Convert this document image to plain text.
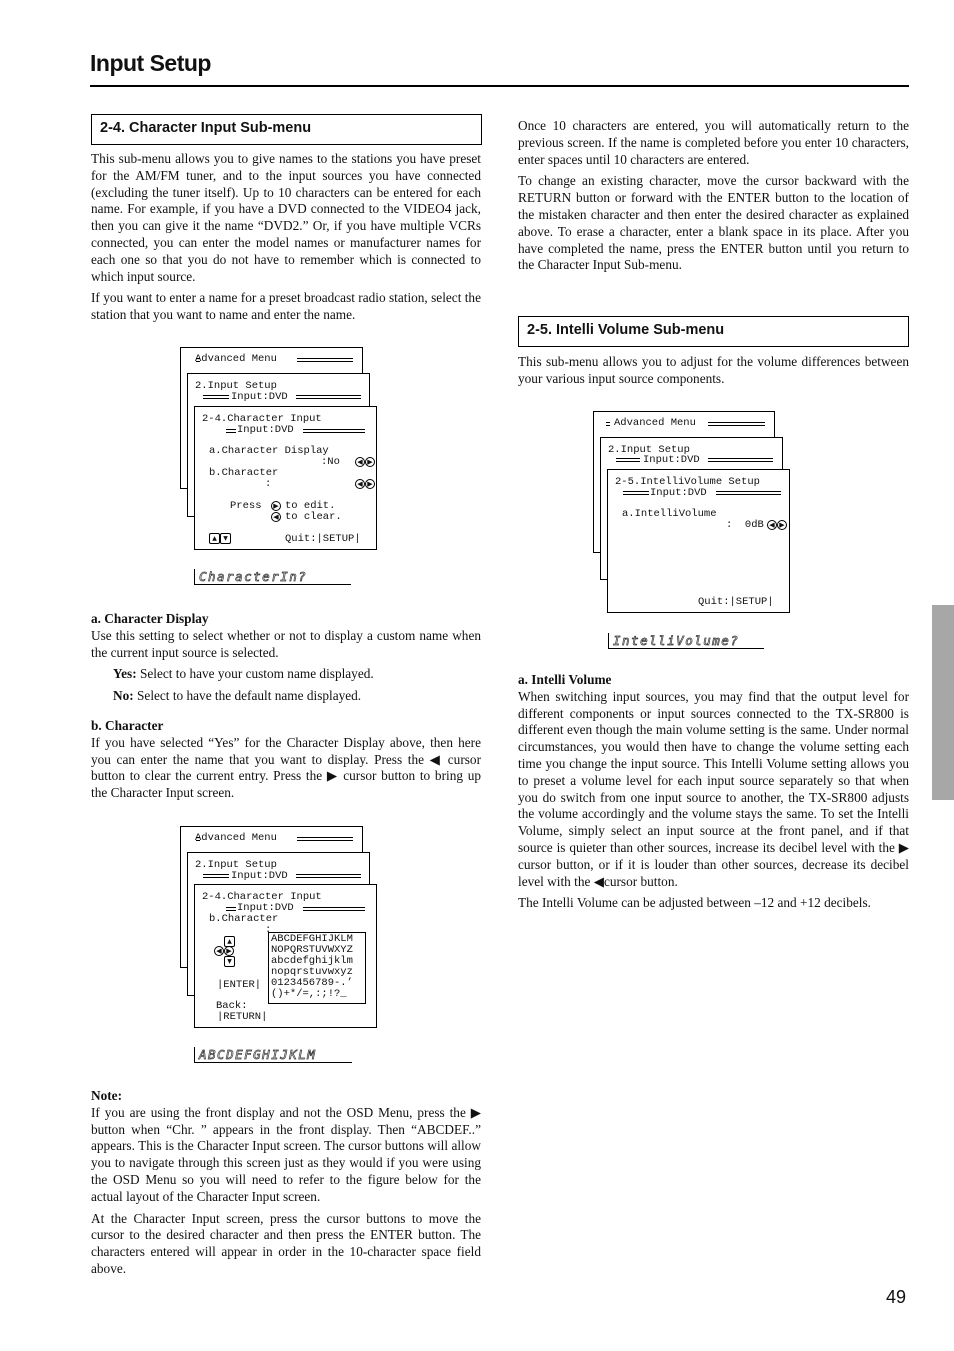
Input Setup
2-4. Character Input Sub-menu

This sub-menu allows you to give names to the stations you have preset for the AM/FM tuner, and to the input sources you have connected (excluding the tuner itself). Up to 10 characters can be entered for each name. For example, if you have a DVD connected to the VIDEO4 jack, then you can give it the name “DVD2.” Or, if you have multiple VCRs connected, you can enter the model names or manufacturer names for each one so that you do not have to remember which is connected to which input source.

If you want to enter a name for a preset broadcast radio station, select the station that you want to name and enter the name.

Advanced Menu
2.Input Setup
Input:DVD
2-4.Character Input
Input:DVD
a.Character Display
:No	◀ ▶
b.Character
:	◀ ▶
Press	▶ to edit.
◀ to clear.
▲ ▼	Quit:|SETUP|
CharacterIn?
a. Character Display

Use this setting to select whether or not to display a custom name when the current input source is selected.

Yes: Select to have your custom name displayed.

No: Select to have the default name displayed.

b. Character

If you have selected “Yes” for the Character Display above, then here you can enter the name that you want to display. Press the ◀ cursor button to clear the current entry. Press the ▶ cursor button to bring up the Character Input screen.

Advanced Menu
2.Input Setup
Input:DVD
2-4.Character Input
Input:DVD
b.Character
:
▲
◀ ▶
▼
|ENTER|
Back:
|RETURN|
ABCDEFGHIJKLM
NOPQRSTUVWXYZ
abcdefghijklm
nopqrstuvwxyz
0123456789-.’
()+*/=,:;!?_
ABCDEFGHIJKLM
Note:

If you are using the front display and not the OSD Menu, press the ▶ button when “Chr. ” appears in the front display. Then “ABCDEF..” appears. This is the Character Input screen. The cursor buttons will allow you to navigate through this screen just as they would if you were using the OSD Menu so you will need to refer to the figure below for the actual layout of the Character Input screen.

At the Character Input screen, press the cursor buttons to move the cursor to the desired character and then press the ENTER button. The characters entered will appear in order in the 10-character space field above.

Once 10 characters are entered, you will automatically return to the previous screen. If the name is completed before you enter 10 characters, enter spaces until 10 characters are entered.

To change an existing character, move the cursor backward with the RETURN button or forward with the ENTER button to the location of the mistaken character and then enter the desired character as explained above. To erase a character, enter a blank space in its place. After you have completed the name, press the ENTER button until you return to the Character Input Sub-menu.

2-5. Intelli Volume Sub-menu

This sub-menu allows you to adjust for the volume differences between your various input source components.

Advanced Menu
2.Input Setup
Input:DVD
2-5.IntelliVolume Setup
Input:DVD
a.IntelliVolume
:  0dB ◀ ▶
Quit:|SETUP|
IntelliVolume?
a. Intelli Volume

When switching input sources, you may find that the output level for different components or input sources connected to the TX-SR800 is different even though the main volume setting is the same. Under normal circumstances, you would then have to change the volume setting each time you change the input source. This Intelli Volume setting allows you to preset a volume level for each input source separately so that when you do switch from one input source to another, the TX-SR800 adjusts the volume accordingly and the volume stays the same. To set the Intelli Volume, simply select an input source at the front panel, and if that source is quieter than other sources, increase its decibel level with the ▶ cursor button, or if it is louder than other sources, decrease its decibel level with the ◀cursor button.

The Intelli Volume can be adjusted between –12 and +12 decibels.

49
